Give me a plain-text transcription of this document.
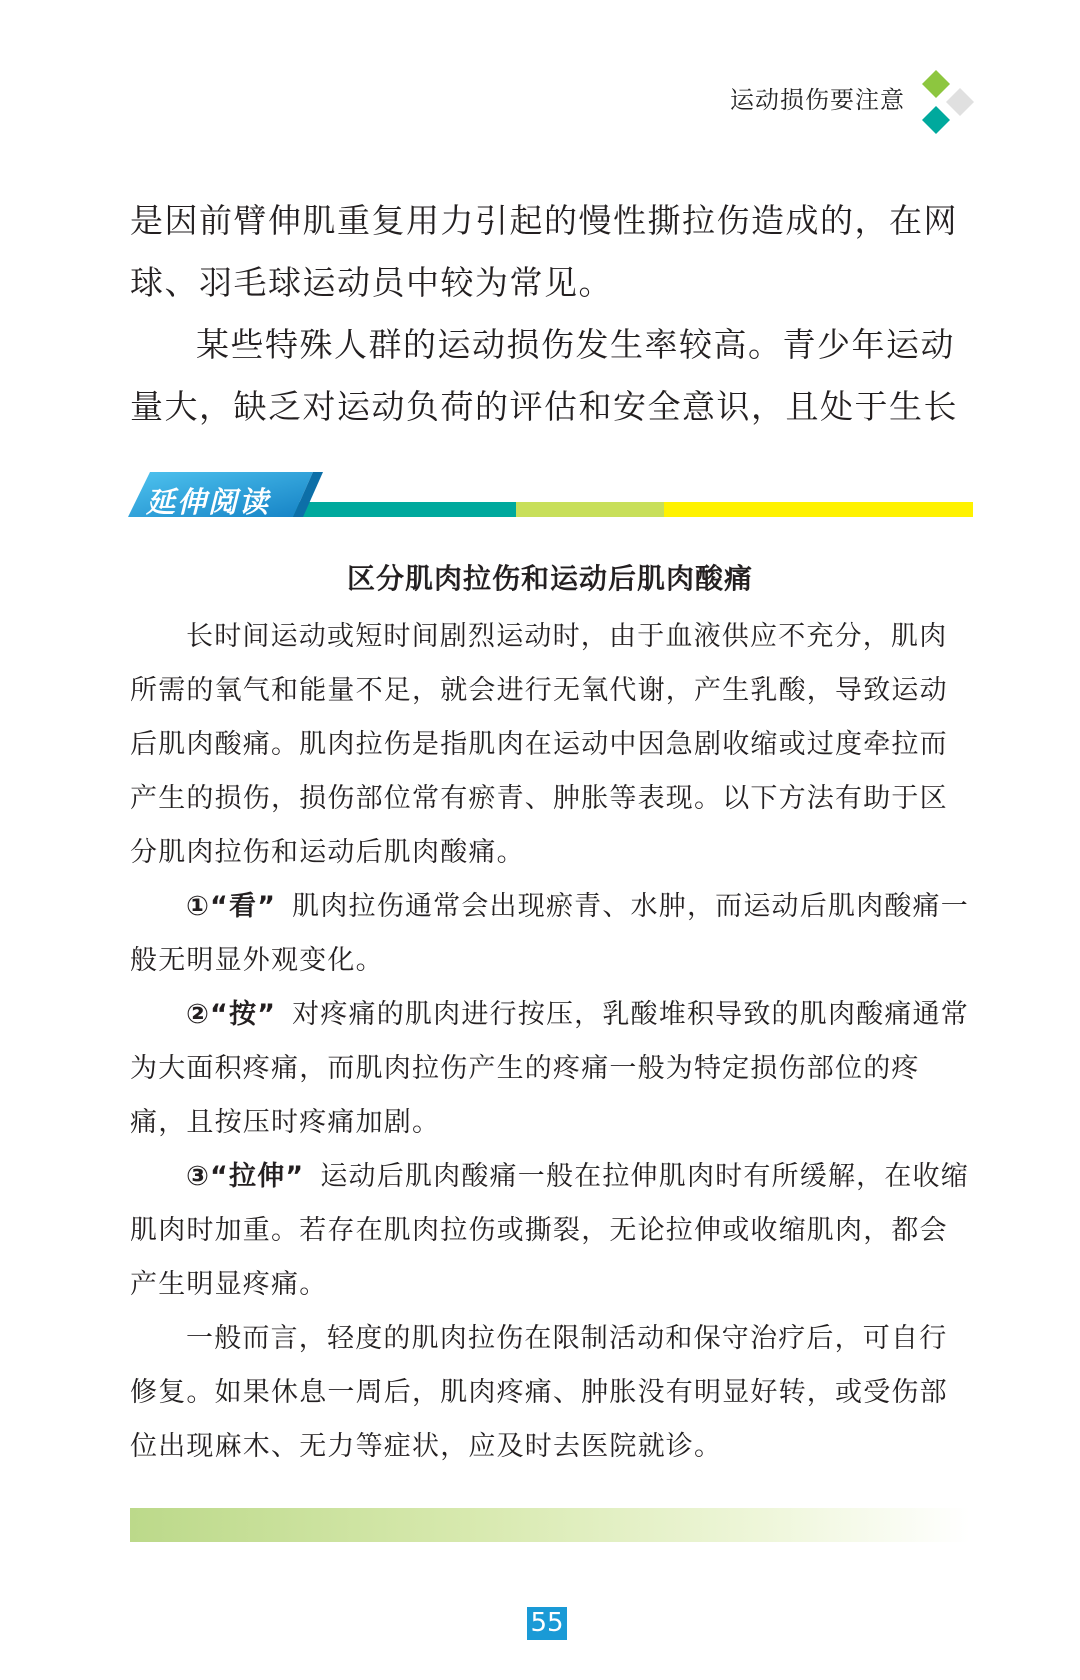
运动损伤要注意

是因前臂伸肌重复用力引起的慢性撕拉伤造成的，在网球、羽毛球运动员中较为常见。

某些特殊人群的运动损伤发生率较高。青少年运动量大，缺乏对运动负荷的评估和安全意识，且处于生长

延伸阅读
区分肌肉拉伤和运动后肌肉酸痛

长时间运动或短时间剧烈运动时，由于血液供应不充分，肌肉所需的氧气和能量不足，就会进行无氧代谢，产生乳酸，导致运动后肌肉酸痛。肌肉拉伤是指肌肉在运动中因急剧收缩或过度牵拉而产生的损伤，损伤部位常有瘀青、肿胀等表现。以下方法有助于区分肌肉拉伤和运动后肌肉酸痛。

①“看” 肌肉拉伤通常会出现瘀青、水肿，而运动后肌肉酸痛一般无明显外观变化。

②“按” 对疼痛的肌肉进行按压，乳酸堆积导致的肌肉酸痛通常为大面积疼痛，而肌肉拉伤产生的疼痛一般为特定损伤部位的疼痛，且按压时疼痛加剧。

③“拉伸” 运动后肌肉酸痛一般在拉伸肌肉时有所缓解，在收缩肌肉时加重。若存在肌肉拉伤或撕裂，无论拉伸或收缩肌肉，都会产生明显疼痛。

一般而言，轻度的肌肉拉伤在限制活动和保守治疗后，可自行修复。如果休息一周后，肌肉疼痛、肿胀没有明显好转，或受伤部位出现麻木、无力等症状，应及时去医院就诊。

55
